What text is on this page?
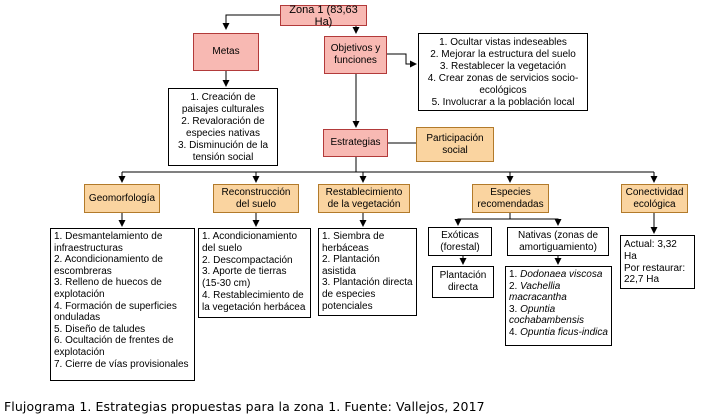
Zona 1 (83,63 Ha)
Metas
1. Creación de paisajes culturales
2. Revaloración de especies nativas
3. Disminución de la tensión social
Objetivos y funciones
1. Ocultar vistas indeseables
2. Mejorar la estructura del suelo
3. Restablecer la vegetación
4. Crear zonas de servicios socio-ecológicos
5. Involucrar a la población local
Estrategias	Participación social
Geomorfología
Reconstrucción del suelo
Restablecimiento de la vegetación
Especies recomendadas
Conectividad ecológica
1. Desmantelamiento de infraestructuras
2. Acondicionamiento de escombreras
3. Relleno de huecos de explotación
4. Formación de superficies onduladas
5. Diseño de taludes
6. Ocultación de frentes de explotación
7. Cierre de vías provisionales
1. Acondicionamiento del suelo
2. Descompactación
3. Aporte de tierras (15-30 cm)
4. Restablecimiento de la vegetación herbácea
1. Siembra de herbáceas
2. Plantación asistida
3. Plantación directa de especies potenciales
Exóticas (forestal)
Nativas (zonas de amortiguamiento)
Plantación directa
1. Dodonaea viscosa
2. Vachellia macracantha
3. Opuntia cochabambensis
4. Opuntia ficus-indica
Actual: 3,32 Ha
Por restaurar: 22,7 Ha
Flujograma 1. Estrategias propuestas para la zona 1. Fuente: Vallejos, 2017
